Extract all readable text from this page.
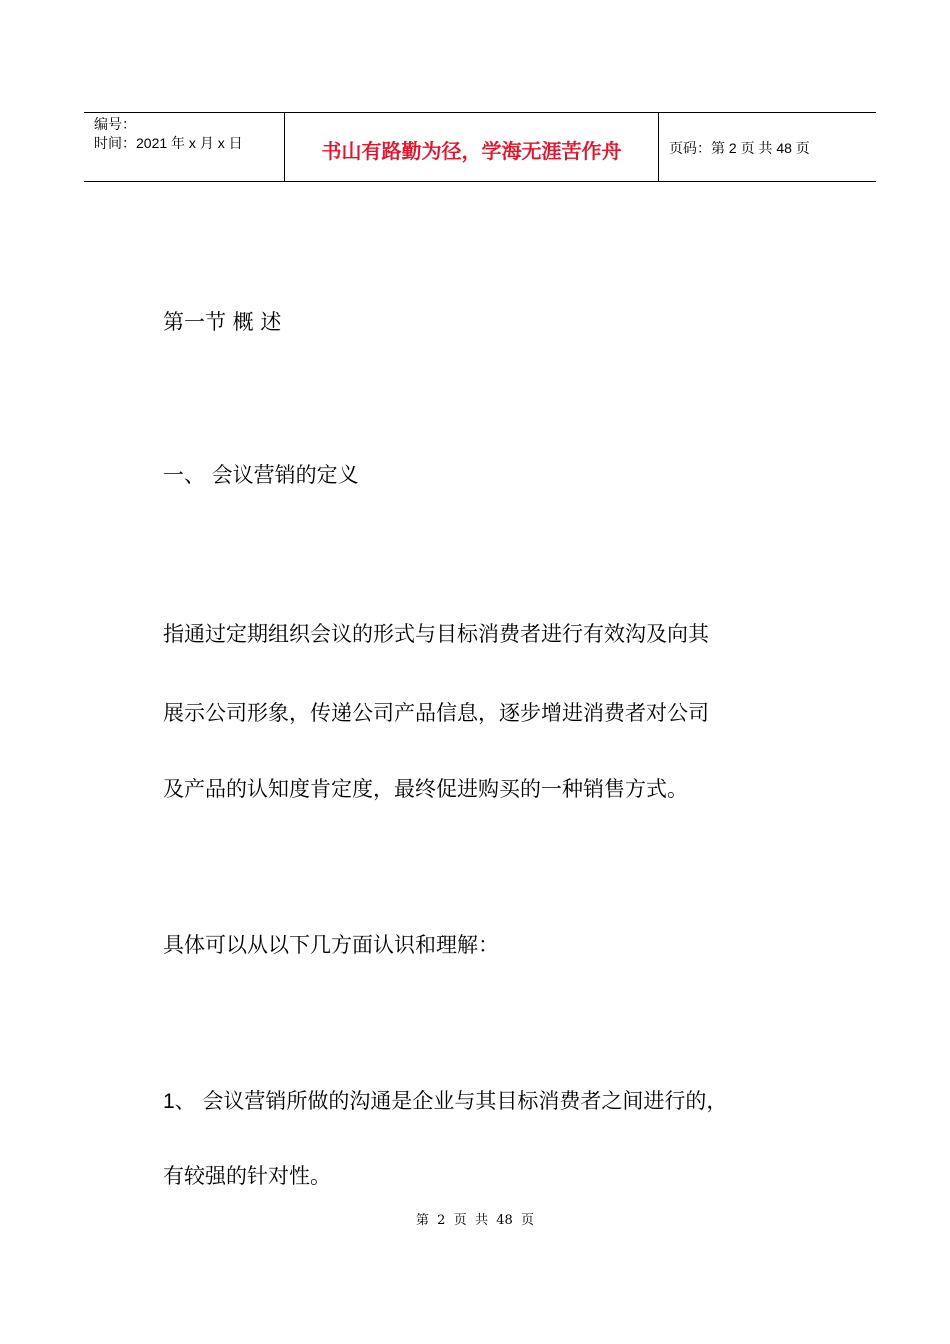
编号：
时间：2021 年 x 月 x 日	书山有路勤为径，学海无涯苦作舟	页码：第 2 页 共 48 页
第一节 概 述
一、 会议营销的定义
指通过定期组织会议的形式与目标消费者进行有效沟及向其
展示公司形象，传递公司产品信息，逐步增进消费者对公司
及产品的认知度肯定度，最终促进购买的一种销售方式。
具体可以从以下几方面认识和理解：
1、 会议营销所做的沟通是企业与其目标消费者之间进行的，
有较强的针对性。
第  2  页  共  48  页
